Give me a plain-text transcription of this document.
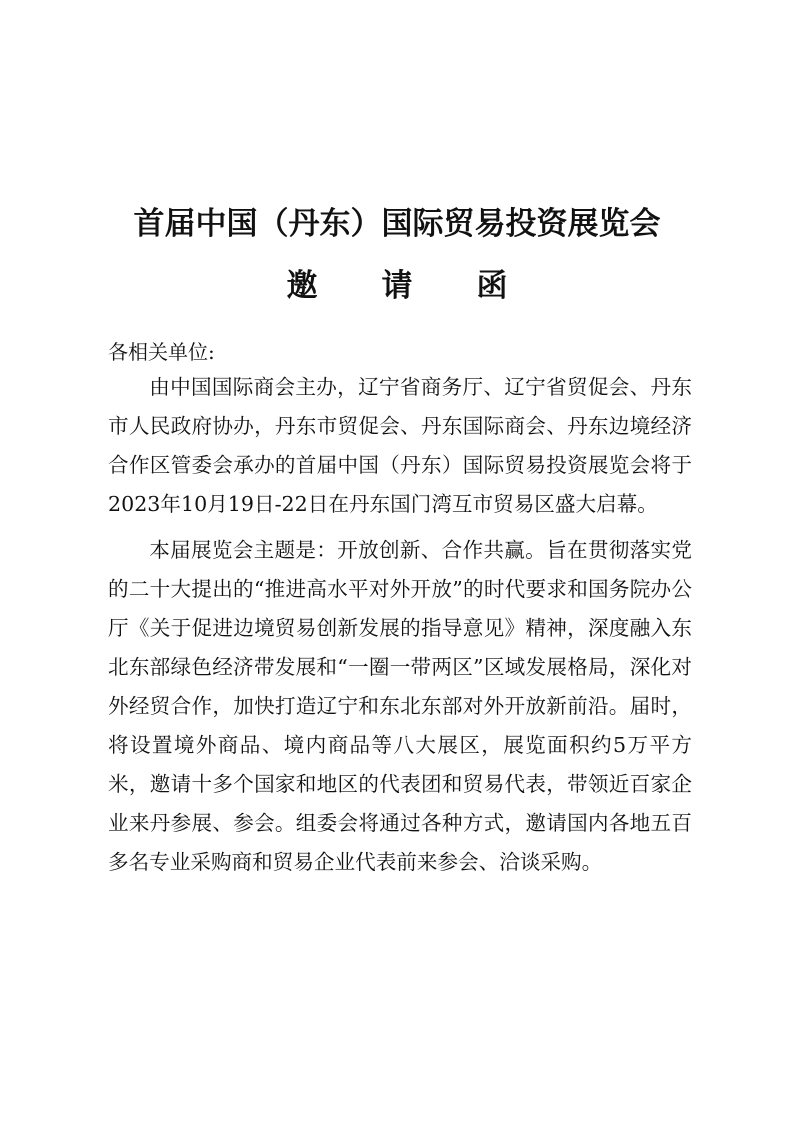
首届中国（丹东）国际贸易投资展览会
邀请函
各相关单位:

由中国国际商会主办，辽宁省商务厅、辽宁省贸促会、丹东市人民政府协办，丹东市贸促会、丹东国际商会、丹东边境经济合作区管委会承办的首届中国（丹东）国际贸易投资展览会将于2023年10月19日-22日在丹东国门湾互市贸易区盛大启幕。

本届展览会主题是：开放创新、合作共赢。旨在贯彻落实党的二十大提出的“推进高水平对外开放”的时代要求和国务院办公厅《关于促进边境贸易创新发展的指导意见》精神，深度融入东北东部绿色经济带发展和“一圈一带两区”区域发展格局，深化对外经贸合作，加快打造辽宁和东北东部对外开放新前沿。届时，将设置境外商品、境内商品等八大展区，展览面积约5万平方米，邀请十多个国家和地区的代表团和贸易代表，带领近百家企业来丹参展、参会。组委会将通过各种方式，邀请国内各地五百多名专业采购商和贸易企业代表前来参会、洽谈采购。
